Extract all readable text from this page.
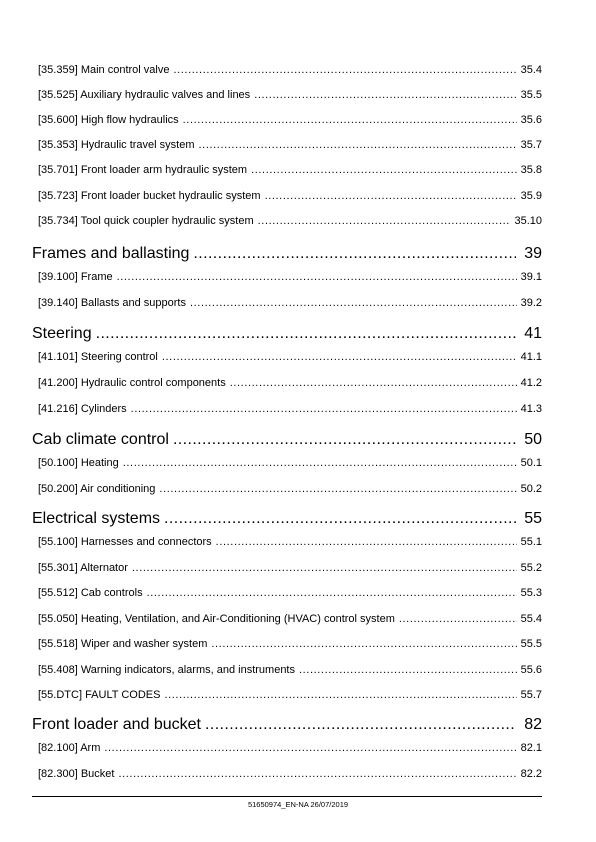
[35.359] Main control valve .....	35.4
[35.525] Auxiliary hydraulic valves and lines .....	35.5
[35.600] High flow hydraulics .....	35.6
[35.353] Hydraulic travel system .....	35.7
[35.701] Front loader arm hydraulic system .....	35.8
[35.723] Front loader bucket hydraulic system .....	35.9
[35.734] Tool quick coupler hydraulic system .....	35.10
Frames and ballasting .....	39
[39.100] Frame .....	39.1
[39.140] Ballasts and supports .....	39.2
Steering .....	41
[41.101] Steering control .....	41.1
[41.200] Hydraulic control components .....	41.2
[41.216] Cylinders .....	41.3
Cab climate control .....	50
[50.100] Heating .....	50.1
[50.200] Air conditioning .....	50.2
Electrical systems .....	55
[55.100] Harnesses and connectors .....	55.1
[55.301] Alternator .....	55.2
[55.512] Cab controls .....	55.3
[55.050] Heating, Ventilation, and Air-Conditioning (HVAC) control system .....	55.4
[55.518] Wiper and washer system .....	55.5
[55.408] Warning indicators, alarms, and instruments .....	55.6
[55.DTC] FAULT CODES .....	55.7
Front loader and bucket .....	82
[82.100] Arm .....	82.1
[82.300] Bucket .....	82.2
51650974_EN-NA 26/07/2019
